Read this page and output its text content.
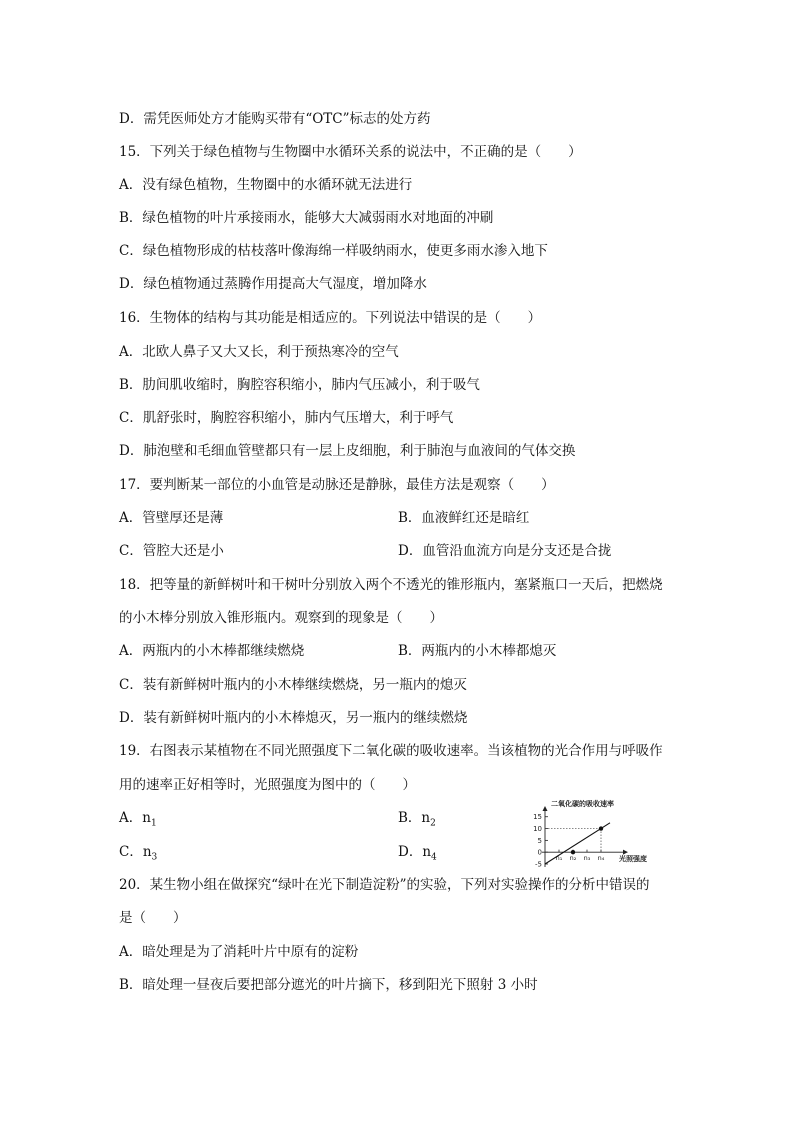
D．需凭医师处方才能购买带有“OTC”标志的处方药
15．下列关于绿色植物与生物圈中水循环关系的说法中，不正确的是（　　）
A．没有绿色植物，生物圈中的水循环就无法进行
B．绿色植物的叶片承接雨水，能够大大减弱雨水对地面的冲刷
C．绿色植物形成的枯枝落叶像海绵一样吸纳雨水，使更多雨水渗入地下
D．绿色植物通过蒸腾作用提高大气湿度，增加降水
16．生物体的结构与其功能是相适应的。下列说法中错误的是（　　）
A．北欧人鼻子又大又长，利于预热寒冷的空气
B．肋间肌收缩时，胸腔容积缩小，肺内气压减小，利于吸气
C．肌舒张时，胸腔容积缩小，肺内气压增大，利于呼气
D．肺泡壁和毛细血管壁都只有一层上皮细胞，利于肺泡与血液间的气体交换
17．要判断某一部位的小血管是动脉还是静脉，最佳方法是观察（　　）
A．管壁厚还是薄	B．血液鲜红还是暗红
C．管腔大还是小	D．血管沿血流方向是分支还是合拢
18．把等量的新鲜树叶和干树叶分别放入两个不透光的锥形瓶内，塞紧瓶口一天后，把燃烧
的小木棒分别放入锥形瓶内。观察到的现象是（　　）
A．两瓶内的小木棒都继续燃烧	B．两瓶内的小木棒都熄灭
C．装有新鲜树叶瓶内的小木棒继续燃烧，另一瓶内的熄灭
D．装有新鲜树叶瓶内的小木棒熄灭，另一瓶内的继续燃烧
19．右图表示某植物在不同光照强度下二氧化碳的吸收速率。当该植物的光合作用与呼吸作
用的速率正好相等时，光照强度为图中的（　　）
A．$n_1$	B．$n_2$
C．$n_3$	D．$n_4$
20．某生物小组在做探究“绿叶在光下制造淀粉”的实验，下列对实验操作的分析中错误的
是（　　）
A．暗处理是为了消耗叶片中原有的淀粉
B．暗处理一昼夜后要把部分遮光的叶片摘下，移到阳光下照射 3 小时
二氧化碳的吸收速率
-5
0
5
10
15
n₁ n₂ n₃ n₄ 光照强度
